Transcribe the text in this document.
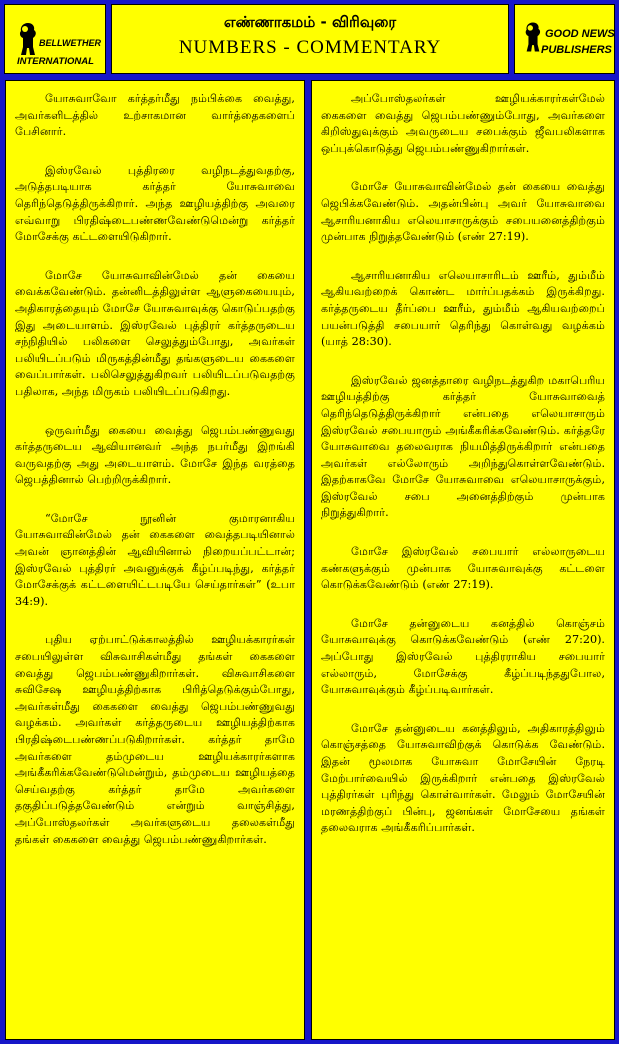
BELLWETHER
INTERNATIONAL
எண்ணாகமம் - விரிவுரை
NUMBERS - COMMENTARY
GOOD NEWS
PUBLISHERS

யோசுவாவோ கர்த்தர்மீது நம்பிக்கை வைத்து, அவர்களிடத்தில் உற்சாகமான வார்த்தைகளைப் பேசினார்.

இஸ்ரவேல் புத்திரரை வழிநடத்துவதற்கு, அடுத்தபடியாக கர்த்தர் யோசுவாவை தெரிந்தெடுத்திருக்கிறார். அந்த ஊழியத்திற்கு அவரை எவ்வாறு பிரதிஷ்டைபண்ணவேண்டுமென்று கர்த்தர் மோசேக்கு கட்டளையிடுகிறார்.

மோசே யோசுவாவின்மேல் தன் கையை வைக்கவேண்டும். தன்னிடத்திலுள்ள ஆளுகையையும், அதிகாரத்தையும் மோசே யோசுவாவுக்கு கொடுப்பதற்கு இது அடையாளம். இஸ்ரவேல் புத்திரர் கர்த்தருடைய சந்நிதியில் பலிகளை செலுத்தும்போது, அவர்கள் பலியிடப்படும் மிருகத்தின்மீது தங்களுடைய கைகளை வைப்பார்கள். பலிசெலுத்துகிறவர் பலியிடப்படுவதற்கு பதிலாக, அந்த மிருகம் பலியிடப்படுகிறது.

ஒருவர்மீது கையை வைத்து ஜெபம்பண்ணுவது கர்த்தருடைய ஆவியானவர் அந்த நபர்மீது இறங்கி வருவதற்கு அது அடையாளம். மோசே இந்த வரத்தை ஜெபத்தினால் பெற்றிருக்கிறார்.

“மோசே நூனின் குமாரனாகிய யோசுவாவின்மேல் தன் கைகளை வைத்தபடியினால் அவன் ஞானத்தின் ஆவியினால் நிறையப்பட்டான்; இஸ்ரவேல் புத்திரர் அவனுக்குக் கீழ்ப்படிந்து, கர்த்தர் மோசேக்குக் கட்டளையிட்டபடியே செய்தார்கள்” (உபா 34:9).

புதிய ஏற்பாட்டுக்காலத்தில் ஊழியக்காரர்கள் சபையிலுள்ள விசுவாசிகள்மீது தங்கள் கைகளை வைத்து ஜெபம்பண்ணுகிறார்கள். விசுவாசிகளை சுவிசேஷ ஊழியத்திற்காக பிரித்தெடுக்கும்போது, அவர்கள்மீது கைகளை வைத்து ஜெபம்பண்ணுவது வழக்கம். அவர்கள் கர்த்தருடைய ஊழியத்திற்காக பிரதிஷ்டைபண்ணப்படுகிறார்கள். கர்த்தர் தாமே அவர்களை தம்முடைய ஊழியக்காரர்களாக அங்கீகரிக்கவேண்டுமென்றும், தம்முடைய ஊழியத்தை செய்வதற்கு கர்த்தர் தாமே அவர்களை தகுதிப்படுத்தவேண்டும் என்றும் வாஞ்சித்து, அப்போஸ்தலர்கள் அவர்களுடைய தலைகள்மீது தங்கள் கைகளை வைத்து ஜெபம்பண்ணுகிறார்கள்.

அப்போஸ்தலர்கள் ஊழியக்காரர்கள்மேல் கைகளை வைத்து ஜெபம்பண்ணும்போது, அவர்களை கிறிஸ்துவுக்கும் அவருடைய சபைக்கும் ஜீவபலிகளாக ஒப்புக்கொடுத்து ஜெபம்பண்ணுகிறார்கள்.

மோசே யோசுவாவின்மேல் தன் கையை வைத்து ஜெபிக்கவேண்டும். அதன்பின்பு அவர் யோசுவாவை ஆசாரியனாகிய எலெயாசாருக்கும் சபையனைத்திற்கும் முன்பாக நிறுத்தவேண்டும் (எண் 27:19).

ஆசாரியனாகிய எலெயாசாரிடம் ஊரீம், தும்மீம் ஆகியவற்றைக் கொண்ட மார்ப்பதக்கம் இருக்கிறது. கர்த்தருடைய தீர்ப்பை ஊரீம், தும்மீம் ஆகியவற்றைப் பயன்படுத்தி சபையார் தெரிந்து கொள்வது வழக்கம் (யாத் 28:30).

இஸ்ரவேல் ஜனத்தாரை வழிநடத்துகிற மகாபெரிய ஊழியத்திற்கு கர்த்தர் யோசுவாவைத் தெரிந்தெடுத்திருக்கிறார் என்பதை எலெயாசாரும் இஸ்ரவேல் சபையாரும் அங்கீகரிக்கவேண்டும். கர்த்தரே யோசுவாவை தலைவராக நியமித்திருக்கிறார் என்பதை அவர்கள் எல்லோரும் அறிந்துகொள்ளவேண்டும். இதற்காகவே மோசே யோசுவாவை எலெயாசாருக்கும், இஸ்ரவேல் சபை அனைத்திற்கும் முன்பாக நிறுத்துகிறார்.

மோசே இஸ்ரவேல் சபையார் எல்லாருடைய கண்களுக்கும் முன்பாக யோசுவாவுக்கு கட்டளை கொடுக்கவேண்டும் (எண் 27:19).

மோசே தன்னுடைய கனத்தில் கொஞ்சம் யோசுவாவுக்கு கொடுக்கவேண்டும் (எண் 27:20). அப்போது இஸ்ரவேல் புத்திரராகிய சபையார் எல்லாரும், மோசேக்கு கீழ்ப்படிந்ததுபோல, யோசுவாவுக்கும் கீழ்ப்படிவார்கள்.

மோசே தன்னுடைய கனத்திலும், அதிகாரத்திலும் கொஞ்சத்தை யோசுவாவிற்குக் கொடுக்க வேண்டும். இதன் மூலமாக யோசுவா மோசேயின் நேரடி மேற்பார்வையில் இருக்கிறார் என்பதை இஸ்ரவேல் புத்திரர்கள் புரிந்து கொள்வார்கள். மேலும் மோசேயின் மரணத்திற்குப் பின்பு, ஜனங்கள் மோசேயை தங்கள் தலைவராக அங்கீகரிப்பார்கள்.
